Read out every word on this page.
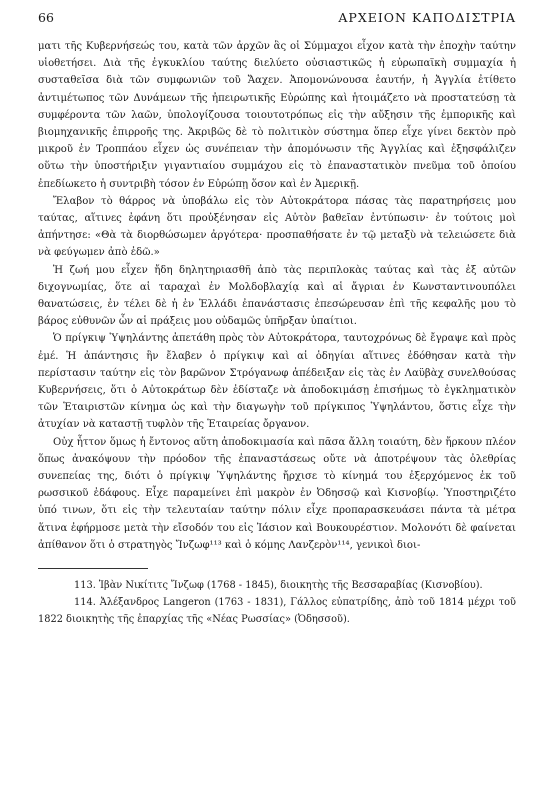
66	ΑΡΧΕΙΟΝ ΚΑΠΟΔΙΣΤΡΙΑ

ματι τῆς Κυβερνήσεώς του, κατὰ τῶν ἀρχῶν ἃς οἱ Σύμμαχοι εἶχον κατὰ τὴν ἐποχὴν ταύτην υἱοθετήσει. Διὰ τῆς ἐγκυκλίου ταύτης διελύετο οὐσιαστικῶς ἡ εὐρωπαϊκὴ συμμαχία ἡ συσταθεῖσα διὰ τῶν συμφωνιῶν τοῦ Ἄαχεν. Ἀπομονώνουσα ἑαυτήν, ἡ Ἀγγλία ἐτίθετο ἀντιμέτωπος τῶν Δυνάμεων τῆς ἠπειρωτικῆς Εὐρώπης καὶ ἡτοιμάζετο νὰ προστατεύσῃ τὰ συμφέροντα τῶν λαῶν, ὑπολογίζουσα τοιουτοτρόπως εἰς τὴν αὔξησιν τῆς ἐμπορικῆς καὶ βιομηχανικῆς ἐπιρροῆς της. Ἀκριβῶς δὲ τὸ πολιτικὸν σύστημα ὅπερ εἶχε γίνει δεκτὸν πρὸ μικροῦ ἐν Τροππάου εἶχεν ὡς συνέπειαν τὴν ἀπομόνωσιν τῆς Ἀγγλίας καὶ ἐξησφάλιζεν οὕτω τὴν ὑποστήριξιν γιγαντιαίου συμμάχου εἰς τὸ ἐπαναστατικὸν πνεῦμα τοῦ ὁποίου ἐπεδίωκετο ἡ συντριβὴ τόσον ἐν Εὐρώπῃ ὅσον καὶ ἐν Ἀμερικῇ.

Ἔλαβον τὸ θάρρος νὰ ὑποβάλω εἰς τὸν Αὐτοκράτορα πάσας τὰς παρατηρήσεις μου ταύτας, αἵτινες ἐφάνη ὅτι προὐξένησαν εἰς Αὐτὸν βαθεῖαν ἐντύπωσιν· ἐν τούτοις μοὶ ἀπήντησε: «Θὰ τὰ διορθώσωμεν ἀργότερα· προσπαθήσατε ἐν τῷ μεταξὺ νὰ τελειώσετε διὰ νὰ φεύγωμεν ἀπὸ ἐδῶ.»

Ἡ ζωή μου εἶχεν ἤδη δηλητηριασθῆ ἀπὸ τὰς περιπλοκὰς ταύτας καὶ τὰς ἐξ αὐτῶν διχογνωμίας, ὅτε αἱ ταραχαὶ ἐν Μολδοβλαχίᾳ καὶ αἱ ἄγριαι ἐν Κωνσταντινουπόλει θανατώσεις, ἐν τέλει δὲ ἡ ἐν Ἑλλάδι ἐπανάστασις ἐπεσώρευσαν ἐπὶ τῆς κεφαλῆς μου τὸ βάρος εὐθυνῶν ὧν αἱ πράξεις μου οὐδαμῶς ὑπῆρξαν ὑπαίτιοι.

Ὁ πρίγκιψ Ὑψηλάντης ἀπετάθη πρὸς τὸν Αὐτοκράτορα, ταυτοχρόνως δὲ ἔγραψε καὶ πρὸς ἐμέ. Ἡ ἀπάντησις ἣν ἔλαβεν ὁ πρίγκιψ καὶ αἱ ὁδηγίαι αἵτινες ἐδόθησαν κατὰ τὴν περίστασιν ταύτην εἰς τὸν βαρῶνον Στρόγανωφ ἀπέδειξαν εἰς τὰς ἐν Λαϋβὰχ συνελθούσας Κυβερνήσεις, ὅτι ὁ Αὐτοκράτωρ δὲν ἐδίσταζε νὰ ἀποδοκιμάσῃ ἐπισήμως τὸ ἐγκληματικὸν τῶν Ἑταιριστῶν κίνημα ὡς καὶ τὴν διαγωγὴν τοῦ πρίγκιπος Ὑψηλάντου, ὅστις εἶχε τὴν ἀτυχίαν νὰ καταστῇ τυφλὸν τῆς Ἑταιρείας ὄργανον.

Οὐχ ἧττον ὅμως ἡ ἔντονος αὕτη ἀποδοκιμασία καὶ πᾶσα ἄλλη τοιαύτη, δὲν ἤρκουν πλέον ὅπως ἀνακόψουν τὴν πρόοδον τῆς ἐπαναστάσεως οὔτε νὰ ἀποτρέψουν τὰς ὀλεθρίας συνεπείας της, διότι ὁ πρίγκιψ Ὑψηλάντης ἤρχισε τὸ κίνημά του ἐξερχόμενος ἐκ τοῦ ρωσσικοῦ ἐδάφους. Εἶχε παραμείνει ἐπὶ μακρὸν ἐν Ὀδησσῷ καὶ Κισνοβίῳ. Ὑποστηριζέτο ὑπό τινων, ὅτι εἰς τὴν τελευταίαν ταύτην πόλιν εἶχε προπαρασκευάσει πάντα τὰ μέτρα ἅτινα ἐφήρμοσε μετὰ τὴν εἴσοδόν του εἰς Ἰάσιον καὶ Βουκουρέστιον. Μολονότι δὲ φαίνεται ἀπίθανον ὅτι ὁ στρατηγὸς Ἴνζωφ¹¹³ καὶ ὁ κόμης Λανζερὸν¹¹⁴, γενικοὶ διοι-

113. Ἰβὰν Νικίτιτς Ἴνζωφ (1768 - 1845), διοικητὴς τῆς Βεσσαραβίας (Κισνοβίου).

114. Ἀλέξανδρος Langeron (1763 - 1831), Γάλλος εὐπατρίδης, ἀπὸ τοῦ 1814 μέχρι τοῦ 1822 διοικητὴς τῆς ἐπαρχίας τῆς «Νέας Ρωσσίας» (Ὀδησσοῦ).
